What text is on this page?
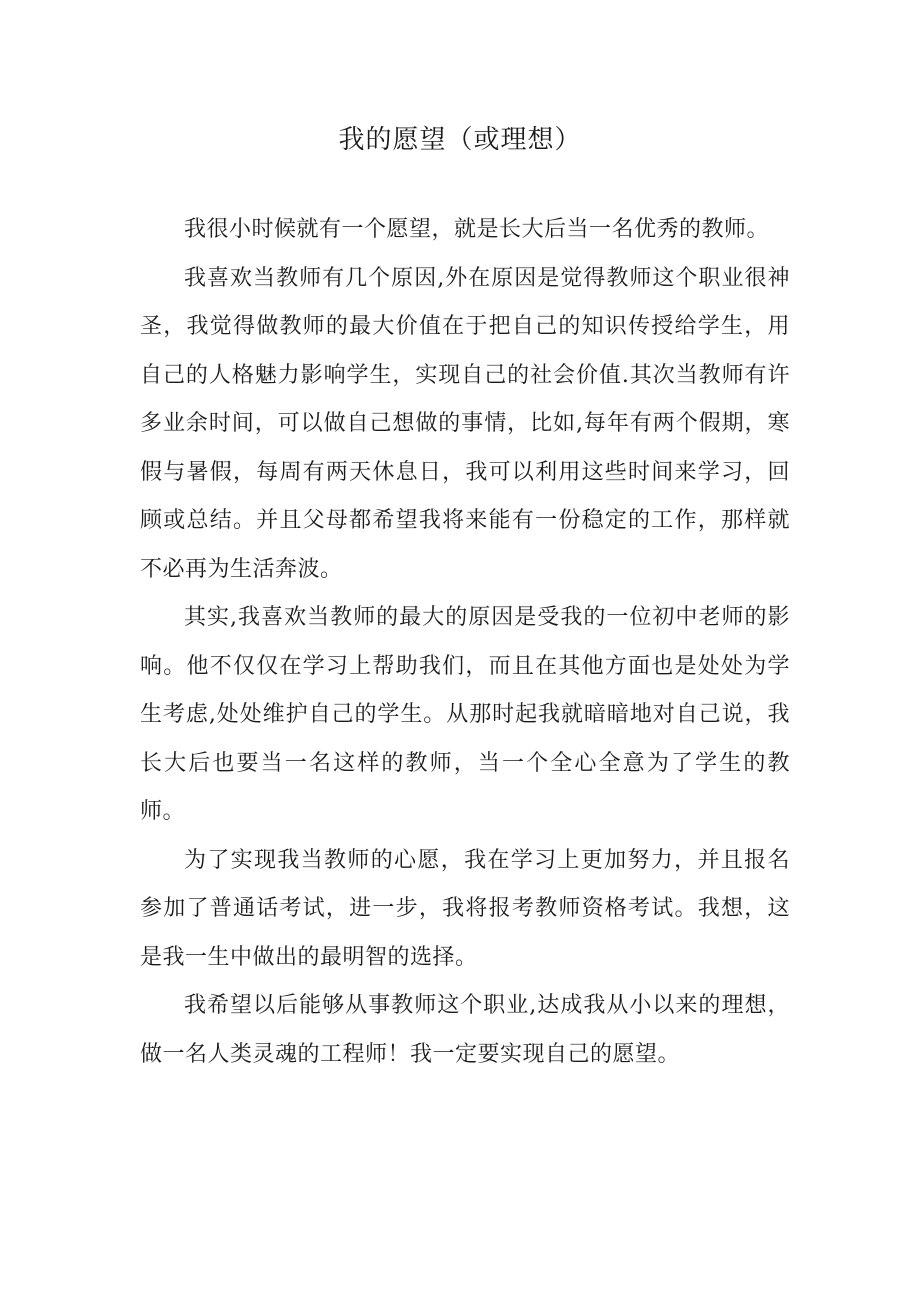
我的愿望（或理想）

我很小时候就有一个愿望，就是长大后当一名优秀的教师。

我喜欢当教师有几个原因,外在原因是觉得教师这个职业很神圣，我觉得做教师的最大价值在于把自己的知识传授给学生，用自己的人格魅力影响学生，实现自己的社会价值.其次当教师有许多业余时间，可以做自己想做的事情，比如,每年有两个假期，寒假与暑假，每周有两天休息日，我可以利用这些时间来学习，回顾或总结。并且父母都希望我将来能有一份稳定的工作，那样就不必再为生活奔波。

其实,我喜欢当教师的最大的原因是受我的一位初中老师的影响。他不仅仅在学习上帮助我们，而且在其他方面也是处处为学生考虑,处处维护自己的学生。从那时起我就暗暗地对自己说，我长大后也要当一名这样的教师，当一个全心全意为了学生的教师。

为了实现我当教师的心愿，我在学习上更加努力，并且报名参加了普通话考试，进一步，我将报考教师资格考试。我想，这是我一生中做出的最明智的选择。

我希望以后能够从事教师这个职业,达成我从小以来的理想，做一名人类灵魂的工程师！我一定要实现自己的愿望。
